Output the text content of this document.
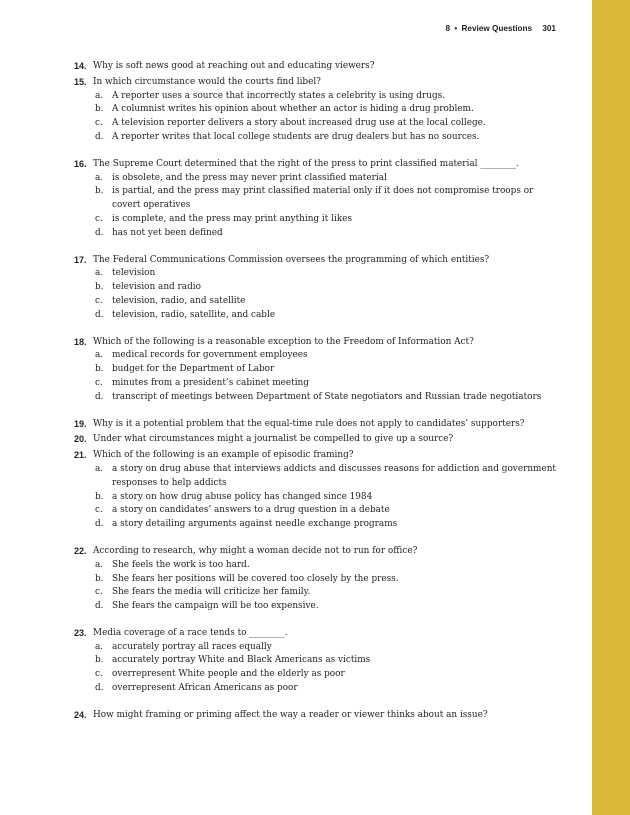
8 • Review Questions 301
14. Why is soft news good at reaching out and educating viewers?
15. In which circumstance would the courts find libel?
a. A reporter uses a source that incorrectly states a celebrity is using drugs.
b. A columnist writes his opinion about whether an actor is hiding a drug problem.
c.	A television reporter delivers a story about increased drug use at the local college.
d. A reporter writes that local college students are drug dealers but has no sources.
16. The Supreme Court determined that the right of the press to print classified material ________.
a. is obsolete, and the press may never print classified material
b. is partial, and the press may print classified material only if it does not compromise troops or covert operatives
c.	is complete, and the press may print anything it likes
d. has not yet been defined
17. The Federal Communications Commission oversees the programming of which entities?
a. television
b. television and radio
c.	television, radio, and satellite
d. television, radio, satellite, and cable
18. Which of the following is a reasonable exception to the Freedom of Information Act?
a. medical records for government employees
b. budget for the Department of Labor
c.	minutes from a president’s cabinet meeting
d. transcript of meetings between Department of State negotiators and Russian trade negotiators
19. Why is it a potential problem that the equal-time rule does not apply to candidates’ supporters?
20. Under what circumstances might a journalist be compelled to give up a source?
21. Which of the following is an example of episodic framing?
a. a story on drug abuse that interviews addicts and discusses reasons for addiction and government responses to help addicts
b. a story on how drug abuse policy has changed since 1984
c.	a story on candidates’ answers to a drug question in a debate
d. a story detailing arguments against needle exchange programs
22. According to research, why might a woman decide not to run for office?
a. She feels the work is too hard.
b. She fears her positions will be covered too closely by the press.
c.	She fears the media will criticize her family.
d. She fears the campaign will be too expensive.
23. Media coverage of a race tends to ________.
a. accurately portray all races equally
b. accurately portray White and Black Americans as victims
c.	overrepresent White people and the elderly as poor
d. overrepresent African Americans as poor
24. How might framing or priming affect the way a reader or viewer thinks about an issue?
